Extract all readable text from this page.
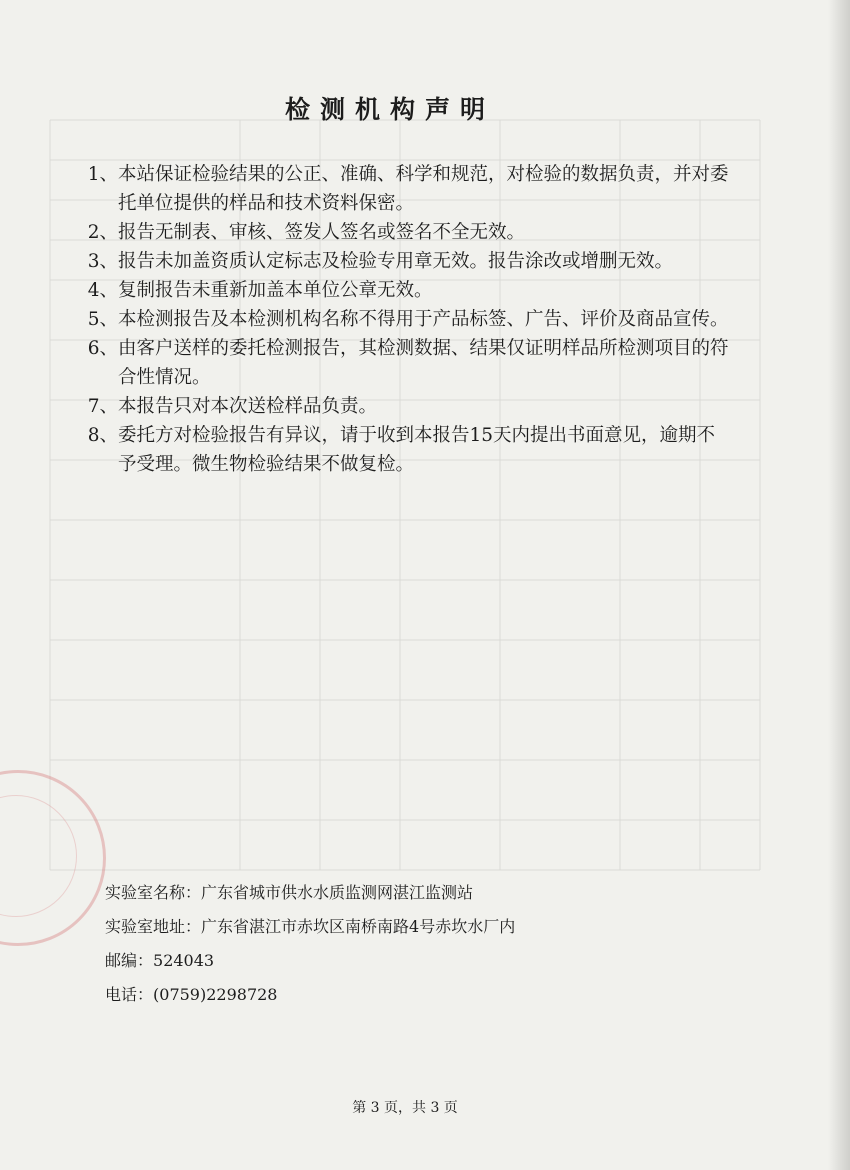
检测机构声明
1、 本站保证检验结果的公正、准确、科学和规范，对检验的数据负责，并对委托单位提供的样品和技术资料保密。
2、 报告无制表、审核、签发人签名或签名不全无效。
3、 报告未加盖资质认定标志及检验专用章无效。报告涂改或增删无效。
4、 复制报告未重新加盖本单位公章无效。
5、 本检测报告及本检测机构名称不得用于产品标签、广告、评价及商品宣传。
6、 由客户送样的委托检测报告，其检测数据、结果仅证明样品所检测项目的符合性情况。
7、 本报告只对本次送检样品负责。
8、 委托方对检验报告有异议，请于收到本报告15天内提出书面意见，逾期不予受理。微生物检验结果不做复检。
实验室名称：广东省城市供水水质监测网湛江监测站
实验室地址：广东省湛江市赤坎区南桥南路4号赤坎水厂内
邮编：524043
电话：(0759)2298728
第 3 页，共 3 页
